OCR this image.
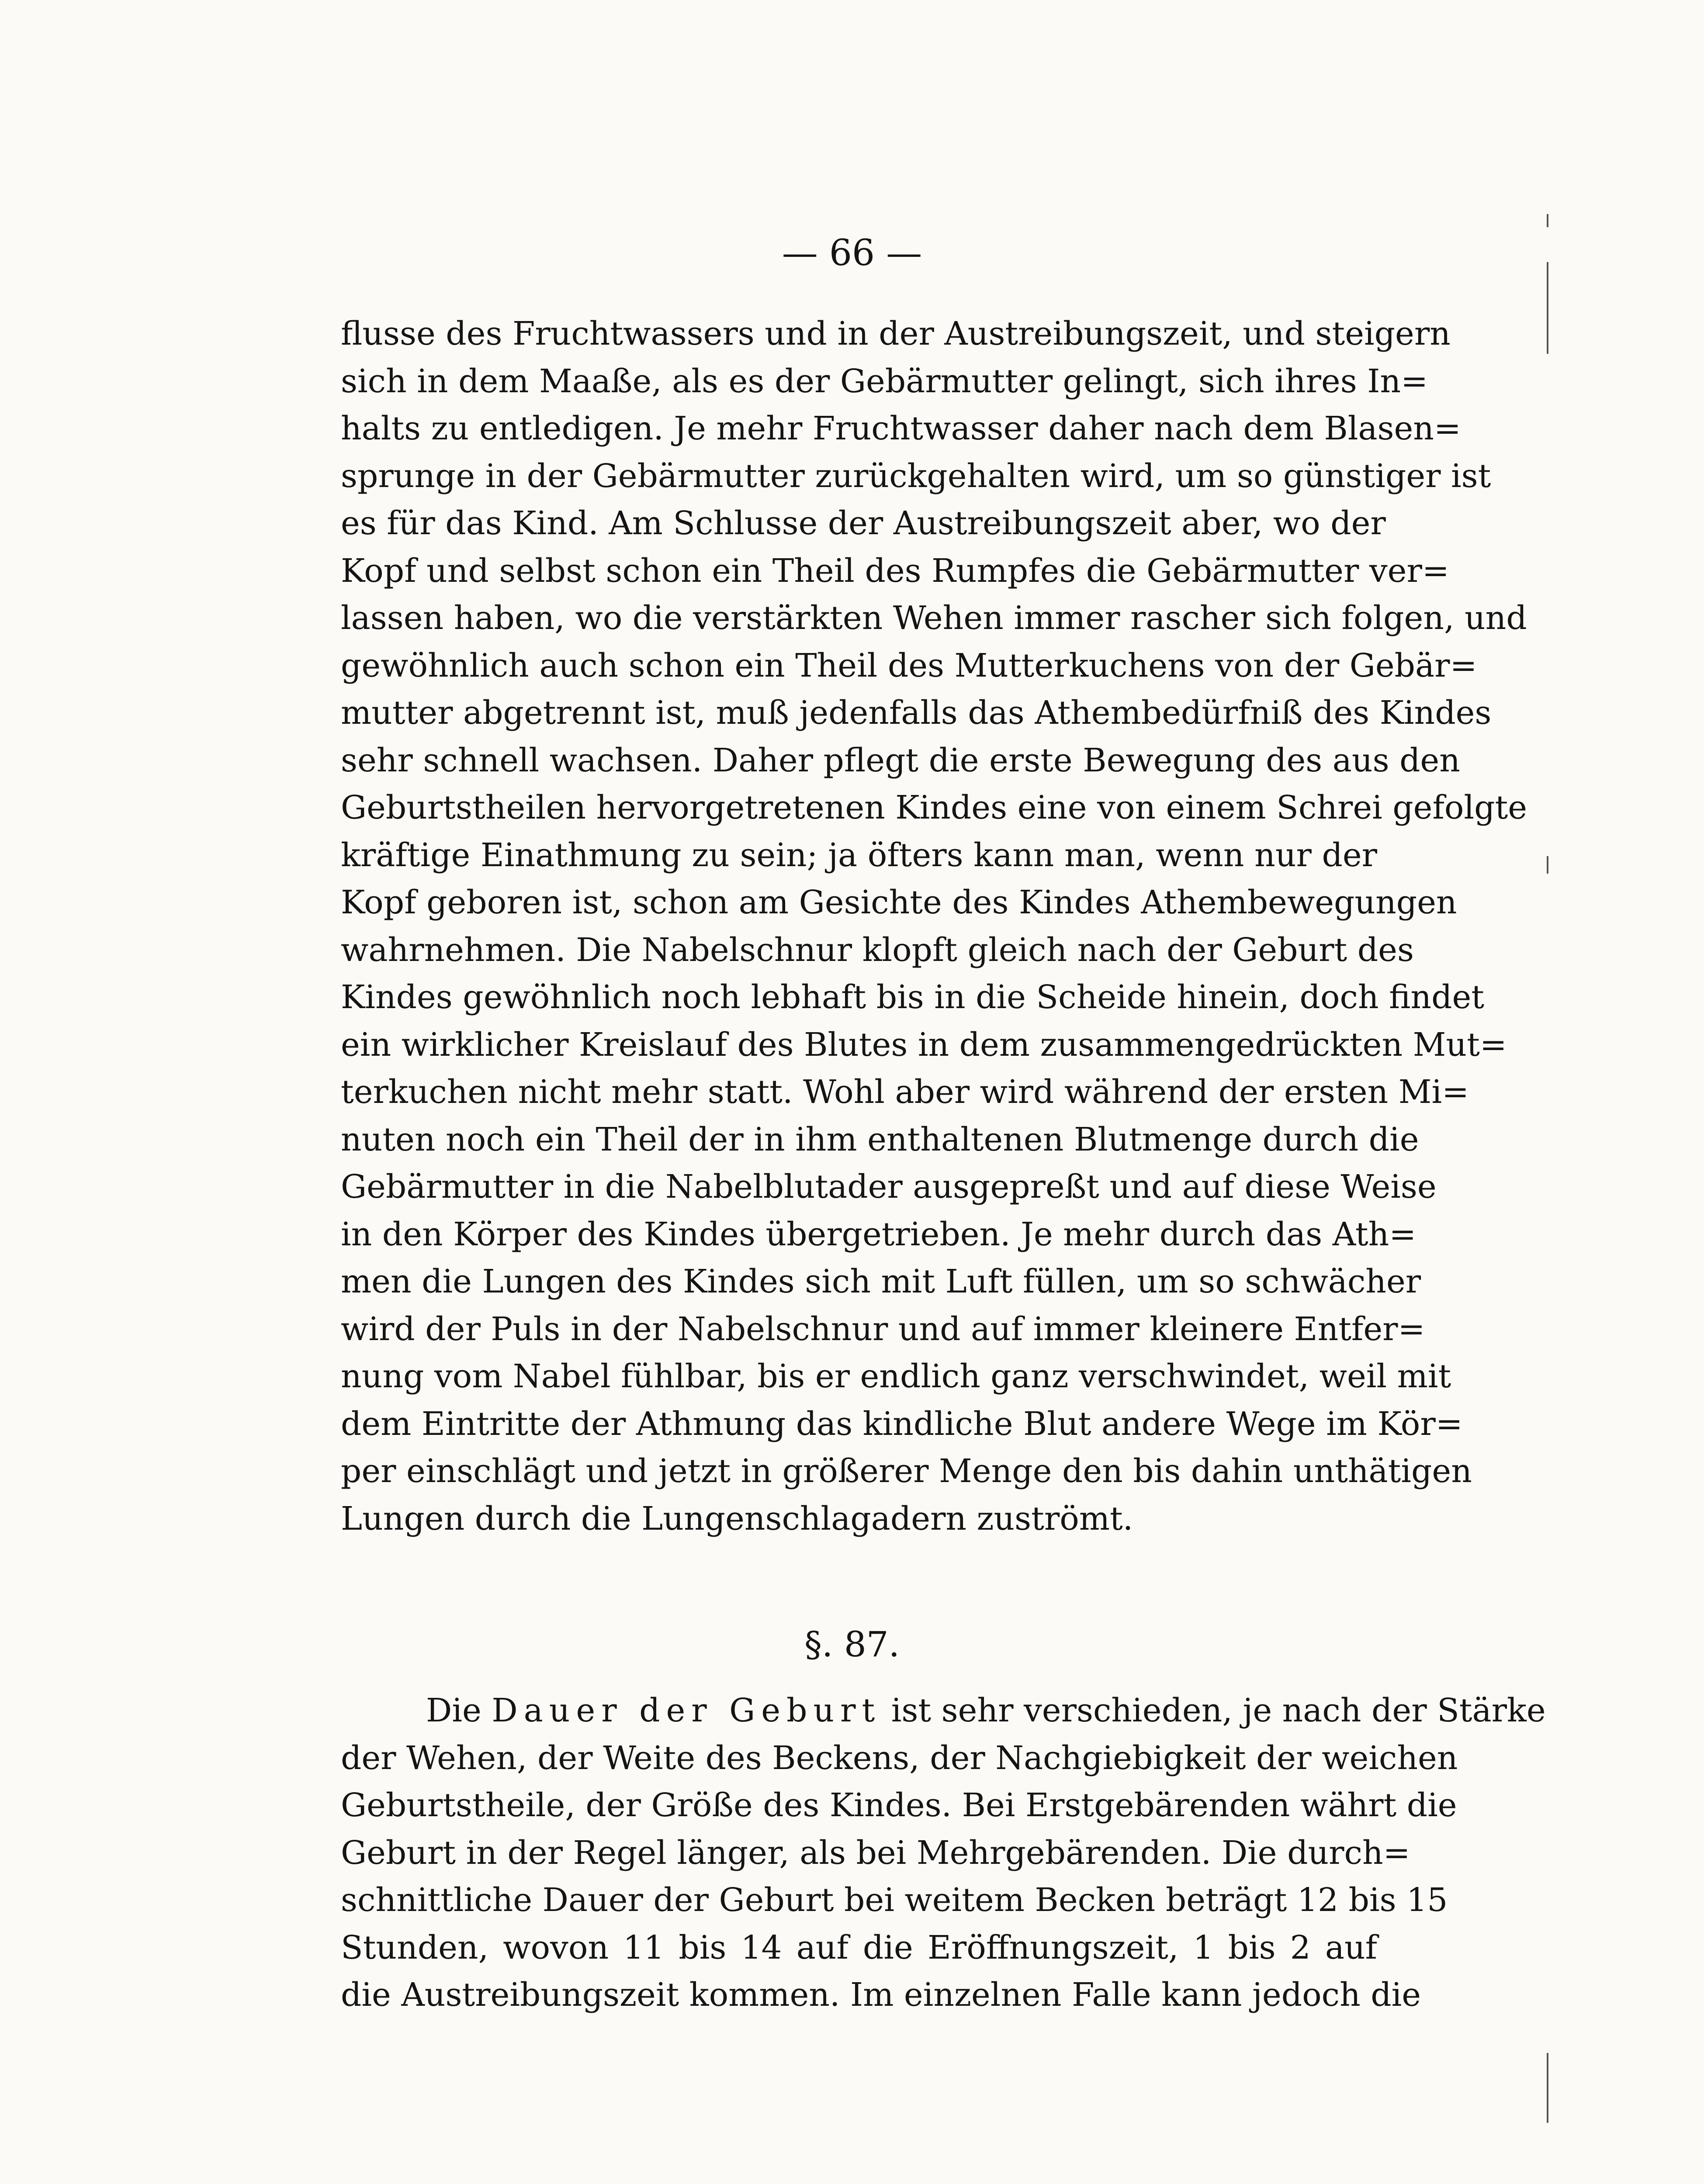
— 66 —
flusse des Fruchtwassers und in der Austreibungszeit, und steigern
sich in dem Maaße, als es der Gebärmutter gelingt, sich ihres In=
halts zu entledigen. Je mehr Fruchtwasser daher nach dem Blasen=
sprunge in der Gebärmutter zurückgehalten wird, um so günstiger ist
es für das Kind. Am Schlusse der Austreibungszeit aber, wo der
Kopf und selbst schon ein Theil des Rumpfes die Gebärmutter ver=
lassen haben, wo die verstärkten Wehen immer rascher sich folgen, und
gewöhnlich auch schon ein Theil des Mutterkuchens von der Gebär=
mutter abgetrennt ist, muß jedenfalls das Athembedürfniß des Kindes
sehr schnell wachsen. Daher pflegt die erste Bewegung des aus den
Geburtstheilen hervorgetretenen Kindes eine von einem Schrei gefolgte
kräftige Einathmung zu sein; ja öfters kann man, wenn nur der
Kopf geboren ist, schon am Gesichte des Kindes Athembewegungen
wahrnehmen. Die Nabelschnur klopft gleich nach der Geburt des
Kindes gewöhnlich noch lebhaft bis in die Scheide hinein, doch findet
ein wirklicher Kreislauf des Blutes in dem zusammengedrückten Mut=
terkuchen nicht mehr statt. Wohl aber wird während der ersten Mi=
nuten noch ein Theil der in ihm enthaltenen Blutmenge durch die
Gebärmutter in die Nabelblutader ausgepreßt und auf diese Weise
in den Körper des Kindes übergetrieben. Je mehr durch das Ath=
men die Lungen des Kindes sich mit Luft füllen, um so schwächer
wird der Puls in der Nabelschnur und auf immer kleinere Entfer=
nung vom Nabel fühlbar, bis er endlich ganz verschwindet, weil mit
dem Eintritte der Athmung das kindliche Blut andere Wege im Kör=
per einschlägt und jetzt in größerer Menge den bis dahin unthätigen
Lungen durch die Lungenschlagadern zuströmt.
§. 87.
Die Dauer der Geburt ist sehr verschieden, je nach der Stärke
der Wehen, der Weite des Beckens, der Nachgiebigkeit der weichen
Geburtstheile, der Größe des Kindes. Bei Erstgebärenden währt die
Geburt in der Regel länger, als bei Mehrgebärenden. Die durch=
schnittliche Dauer der Geburt bei weitem Becken beträgt 12 bis 15
Stunden, wovon 11 bis 14 auf die Eröffnungszeit, 1 bis 2 auf
die Austreibungszeit kommen. Im einzelnen Falle kann jedoch die
